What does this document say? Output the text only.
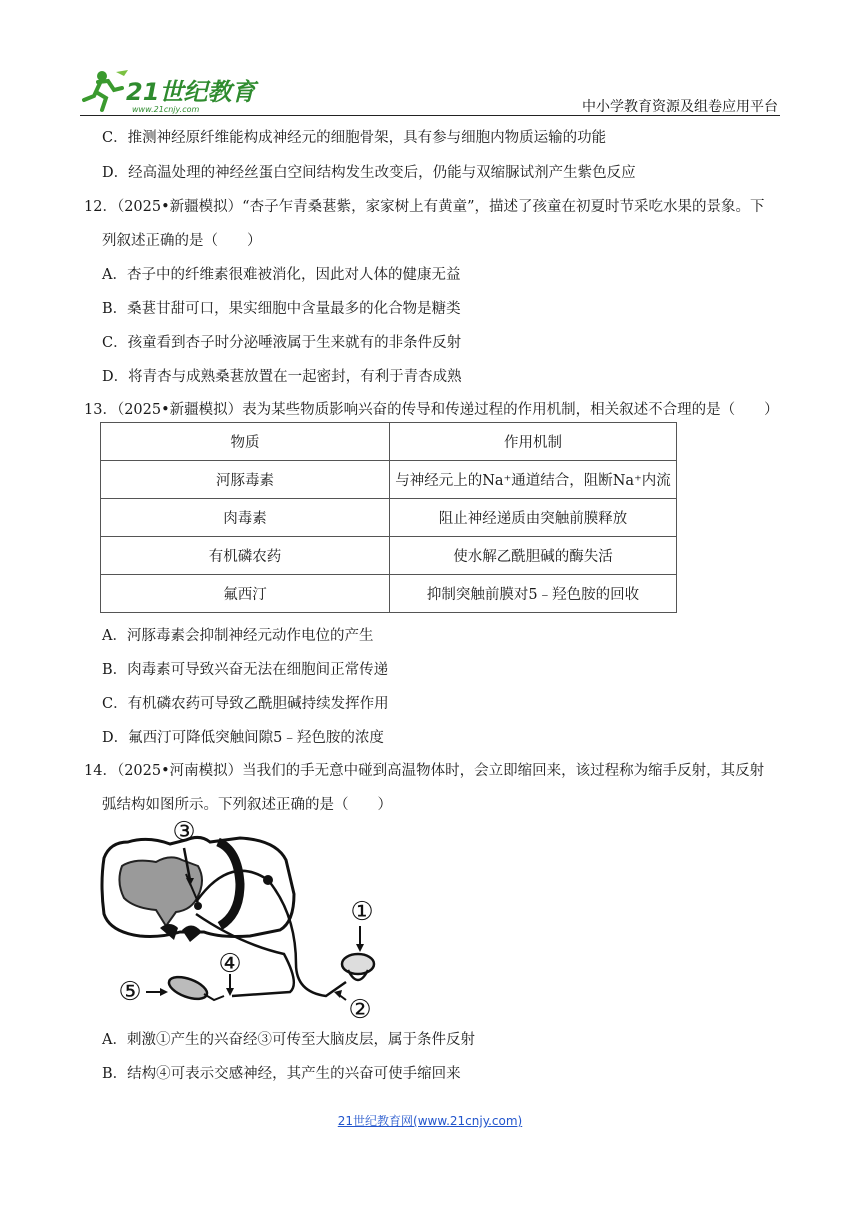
21世纪教育
www.21cnjy.com	中小学教育资源及组卷应用平台
C．推测神经原纤维能构成神经元的细胞骨架，具有参与细胞内物质运输的功能
D．经高温处理的神经丝蛋白空间结构发生改变后，仍能与双缩脲试剂产生紫色反应
12．（2025•新疆模拟）“杏子乍青桑葚紫，家家树上有黄童”，描述了孩童在初夏时节采吃水果的景象。下
列叙述正确的是（　　）
A．杏子中的纤维素很难被消化，因此对人体的健康无益
B．桑葚甘甜可口，果实细胞中含量最多的化合物是糖类
C．孩童看到杏子时分泌唾液属于生来就有的非条件反射
D．将青杏与成熟桑葚放置在一起密封，有利于青杏成熟
13．（2025•新疆模拟）表为某些物质影响兴奋的传导和传递过程的作用机制，相关叙述不合理的是（　　）
物质	作用机制
河豚毒素	与神经元上的Na⁺通道结合，阻断Na⁺内流
肉毒素	阻止神经递质由突触前膜释放
有机磷农药	使水解乙酰胆碱的酶失活
氟西汀	抑制突触前膜对5﹣羟色胺的回收
A．河豚毒素会抑制神经元动作电位的产生
B．肉毒素可导致兴奋无法在细胞间正常传递
C．有机磷农药可导致乙酰胆碱持续发挥作用
D．氟西汀可降低突触间隙5﹣羟色胺的浓度
14．（2025•河南模拟）当我们的手无意中碰到高温物体时，会立即缩回来，该过程称为缩手反射，其反射
弧结构如图所示。下列叙述正确的是（　　）
A．刺激①产生的兴奋经③可传至大脑皮层，属于条件反射
B．结构④可表示交感神经，其产生的兴奋可使手缩回来
③
①
②
④
⑤
21世纪教育网(www.21cnjy.com)
